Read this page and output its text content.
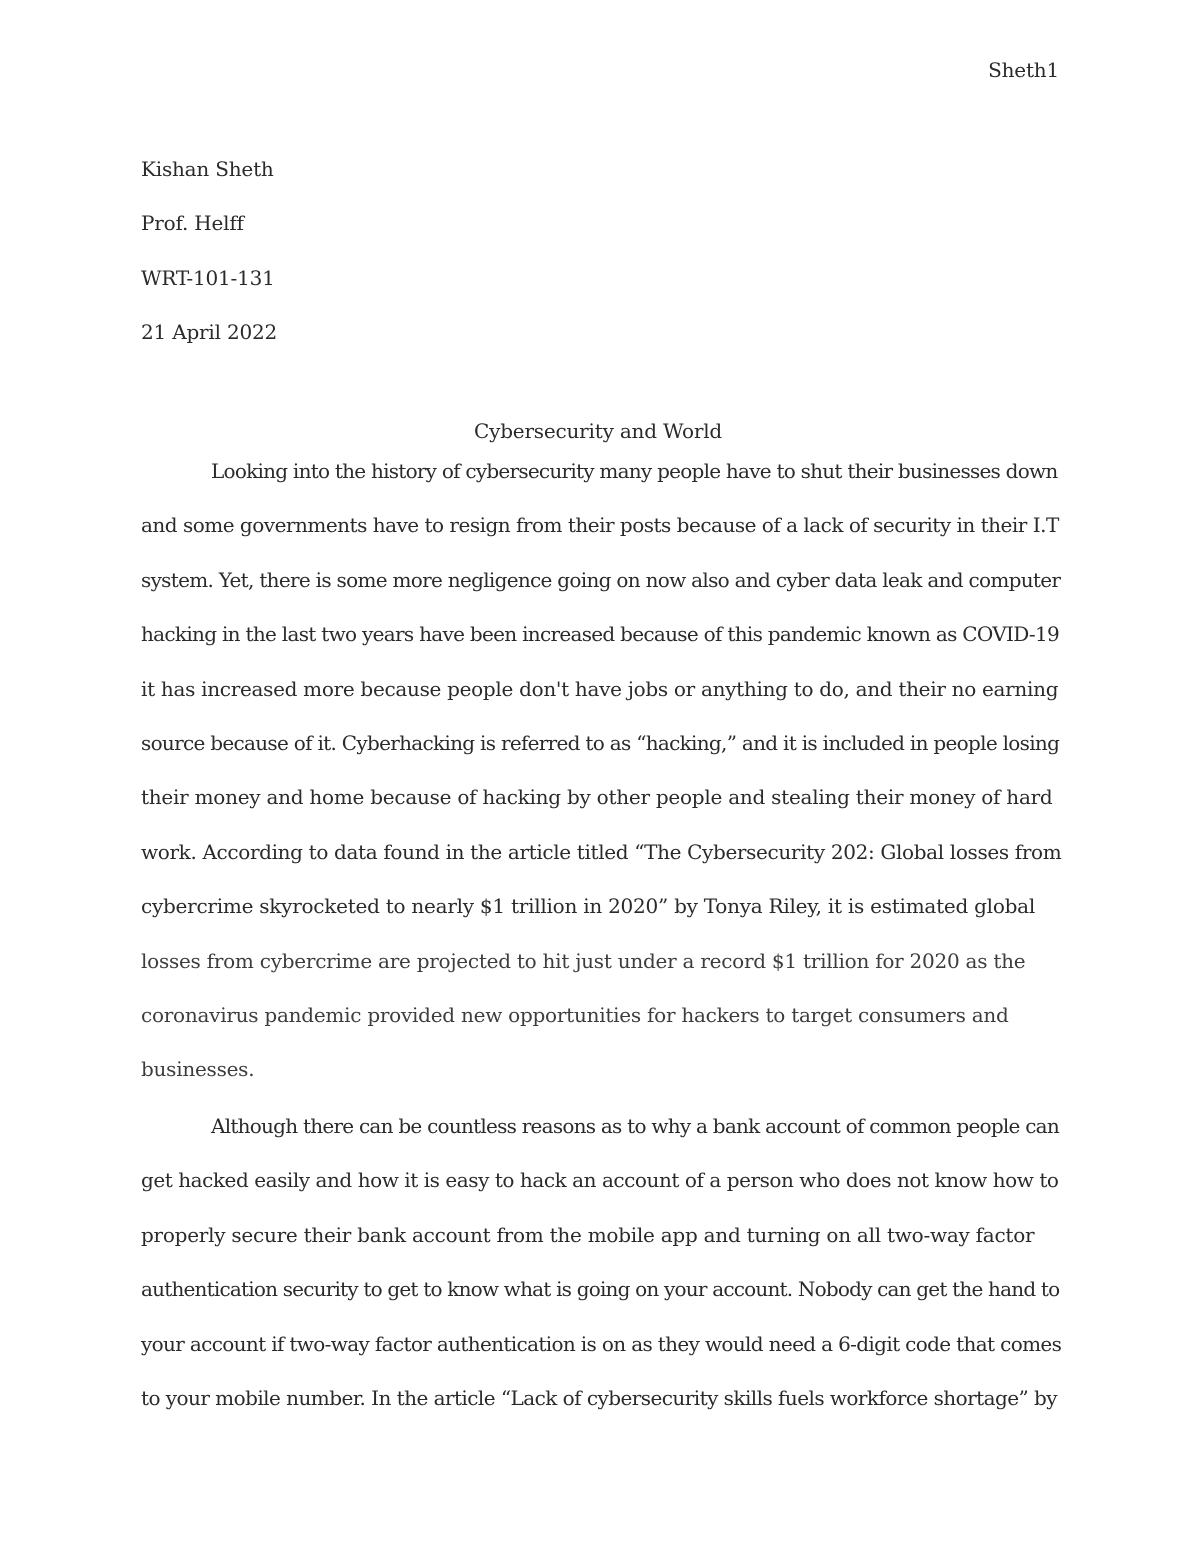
Sheth1
Kishan Sheth
Prof. Helff
WRT-101-131
21 April 2022
Cybersecurity and World
Looking into the history of cybersecurity many people have to shut their businesses down
and some governments have to resign from their posts because of a lack of security in their I.T
system. Yet, there is some more negligence going on now also and cyber data leak and computer
hacking in the last two years have been increased because of this pandemic known as COVID-19
it has increased more because people don't have jobs or anything to do, and their no earning
source because of it. Cyberhacking is referred to as “hacking,” and it is included in people losing
their money and home because of hacking by other people and stealing their money of hard
work. According to data found in the article titled “The Cybersecurity 202: Global losses from
cybercrime skyrocketed to nearly $1 trillion in 2020” by Tonya Riley, it is estimated global
losses from cybercrime are projected to hit just under a record $1 trillion for 2020 as the
coronavirus pandemic provided new opportunities for hackers to target consumers and
businesses.
Although there can be countless reasons as to why a bank account of common people can
get hacked easily and how it is easy to hack an account of a person who does not know how to
properly secure their bank account from the mobile app and turning on all two-way factor
authentication security to get to know what is going on your account. Nobody can get the hand to
your account if two-way factor authentication is on as they would need a 6-digit code that comes
to your mobile number. In the article “Lack of cybersecurity skills fuels workforce shortage” by
